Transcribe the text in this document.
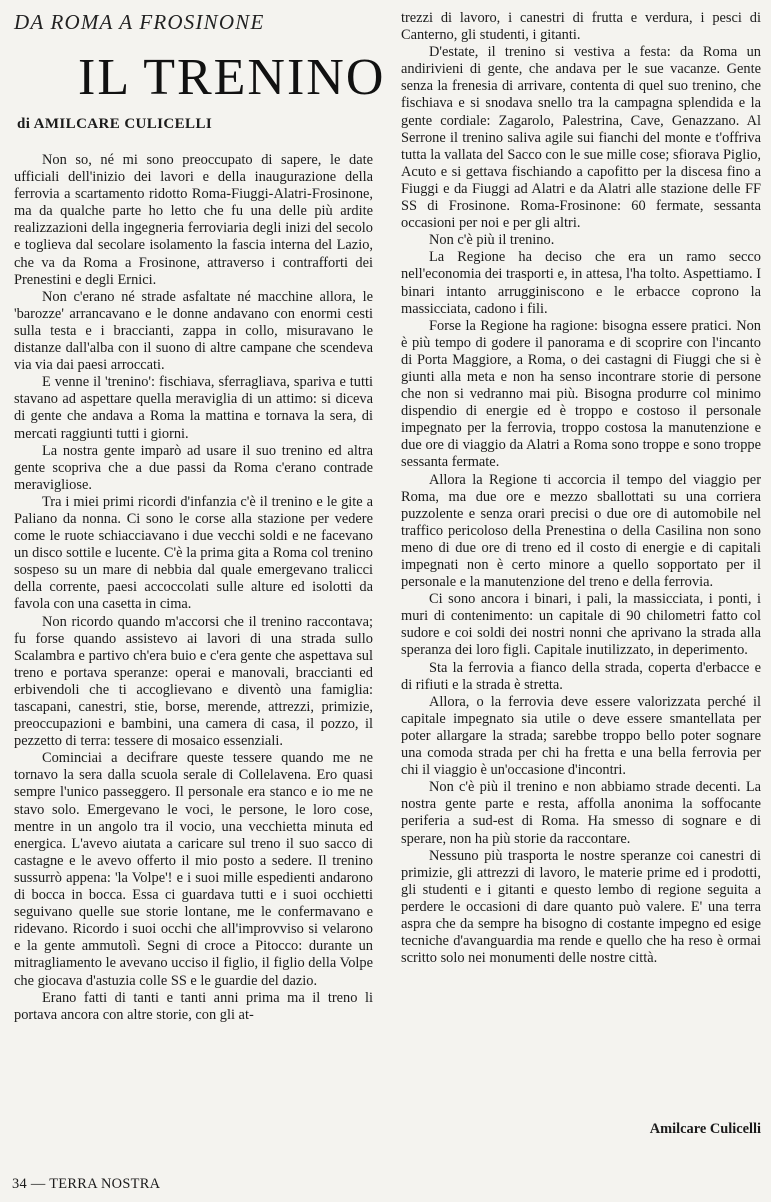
DA ROMA A FROSINONE
IL TRENINO
di AMILCARE CULICELLI

Non so, né mi sono preoccupato di sapere, le date ufficiali dell'inizio dei lavori e della inaugurazione della ferrovia a scartamento ridotto Roma-Fiuggi-Alatri-Frosinone, ma da qualche parte ho letto che fu una delle più ardite realizzazioni della ingegneria ferroviaria degli inizi del secolo e toglieva dal secolare isolamento la fascia interna del Lazio, che va da Roma a Frosinone, attraverso i contrafforti dei Prenestini e degli Ernici.

Non c'erano né strade asfaltate né macchine allora, le 'barozze' arrancavano e le donne andavano con enormi cesti sulla testa e i braccianti, zappa in collo, misuravano le distanze dall'alba con il suono di altre campane che scendeva via via dai paesi arroccati.

E venne il 'trenino': fischiava, sferragliava, spariva e tutti stavano ad aspettare quella meraviglia di un attimo: si diceva di gente che andava a Roma la mattina e tornava la sera, di mercati raggiunti tutti i giorni.

La nostra gente imparò ad usare il suo trenino ed altra gente scopriva che a due passi da Roma c'erano contrade meravigliose.

Tra i miei primi ricordi d'infanzia c'è il trenino e le gite a Paliano da nonna. Ci sono le corse alla stazione per vedere come le ruote schiacciavano i due vecchi soldi e ne facevano un disco sottile e lucente. C'è la prima gita a Roma col trenino sospeso su un mare di nebbia dal quale emergevano tralicci della corrente, paesi accoccolati sulle alture ed isolotti da favola con una casetta in cima.

Non ricordo quando m'accorsi che il trenino raccontava; fu forse quando assistevo ai lavori di una strada sullo Scalambra e partivo ch'era buio e c'era gente che aspettava sul treno e portava speranze: operai e manovali, braccianti ed erbivendoli che ti accoglievano e diventò una famiglia: tascapani, canestri, stie, borse, merende, attrezzi, primizie, preoccupazioni e bambini, una camera di casa, il pozzo, il pezzetto di terra: tessere di mosaico essenziali.

Cominciai a decifrare queste tessere quando me ne tornavo la sera dalla scuola serale di Collelavena. Ero quasi sempre l'unico passeggero. Il personale era stanco e io me ne stavo solo. Emergevano le voci, le persone, le loro cose, mentre in un angolo tra il vocio, una vecchietta minuta ed energica. L'avevo aiutata a caricare sul treno il suo sacco di castagne e le avevo offerto il mio posto a sedere. Il trenino sussurrò appena: 'la Volpe'! e i suoi mille espedienti andarono di bocca in bocca. Essa ci guardava tutti e i suoi occhietti seguivano quelle sue storie lontane, me le confermavano e ridevano. Ricordo i suoi occhi che all'improvviso si velarono e la gente ammutolì. Segni di croce a Pitocco: durante un mitragliamento le avevano ucciso il figlio, il figlio della Volpe che giocava d'astuzia colle SS e le guardie del dazio.

Erano fatti di tanti e tanti anni prima ma il treno li portava ancora con altre storie, con gli at-

trezzi di lavoro, i canestri di frutta e verdura, i pesci di Canterno, gli studenti, i gitanti.

D'estate, il trenino si vestiva a festa: da Roma un andirivieni di gente, che andava per le sue vacanze. Gente senza la frenesia di arrivare, contenta di quel suo trenino, che fischiava e si snodava snello tra la campagna splendida e la gente cordiale: Zagarolo, Palestrina, Cave, Genazzano. Al Serrone il trenino saliva agile sui fianchi del monte e t'offriva tutta la vallata del Sacco con le sue mille cose; sfiorava Piglio, Acuto e si gettava fischiando a capofitto per la discesa fino a Fiuggi e da Fiuggi ad Alatri e da Alatri alle stazione delle FF SS di Frosinone. Roma-Frosinone: 60 fermate, sessanta occasioni per noi e per gli altri.

Non c'è più il trenino.

La Regione ha deciso che era un ramo secco nell'economia dei trasporti e, in attesa, l'ha tolto. Aspettiamo. I binari intanto arrugginiscono e le erbacce coprono la massicciata, cadono i fili.

Forse la Regione ha ragione: bisogna essere pratici. Non è più tempo di godere il panorama e di scoprire con l'incanto di Porta Maggiore, a Roma, o dei castagni di Fiuggi che si è giunti alla meta e non ha senso incontrare storie di persone che non si vedranno mai più. Bisogna produrre col minimo dispendio di energie ed è troppo e costoso il personale impegnato per la ferrovia, troppo costosa la manutenzione e due ore di viaggio da Alatri a Roma sono troppe e sono troppe sessanta fermate.

Allora la Regione ti accorcia il tempo del viaggio per Roma, ma due ore e mezzo sballottati su una corriera puzzolente e senza orari precisi o due ore di automobile nel traffico pericoloso della Prenestina o della Casilina non sono meno di due ore di treno ed il costo di energie e di capitali impegnati non è certo minore a quello sopportato per il personale e la manutenzione del treno e della ferrovia.

Ci sono ancora i binari, i pali, la massicciata, i ponti, i muri di contenimento: un capitale di 90 chilometri fatto col sudore e coi soldi dei nostri nonni che aprivano la strada alla speranza dei loro figli. Capitale inutilizzato, in deperimento.

Sta la ferrovia a fianco della strada, coperta d'erbacce e di rifiuti e la strada è stretta.

Allora, o la ferrovia deve essere valorizzata perché il capitale impegnato sia utile o deve essere smantellata per poter allargare la strada; sarebbe troppo bello poter sognare una comoda strada per chi ha fretta e una bella ferrovia per chi il viaggio è un'occasione d'incontri.

Non c'è più il trenino e non abbiamo strade decenti. La nostra gente parte e resta, affolla anonima la soffocante periferia a sud-est di Roma. Ha smesso di sognare e di sperare, non ha più storie da raccontare.

Nessuno più trasporta le nostre speranze coi canestri di primizie, gli attrezzi di lavoro, le materie prime ed i prodotti, gli studenti e i gitanti e questo lembo di regione seguita a perdere le occasioni di dare quanto può valere. E' una terra aspra che da sempre ha bisogno di costante impegno ed esige tecniche d'avanguardia ma rende e quello che ha reso è ormai scritto solo nei monumenti delle nostre città.

Amilcare Culicelli
34 — TERRA NOSTRA
